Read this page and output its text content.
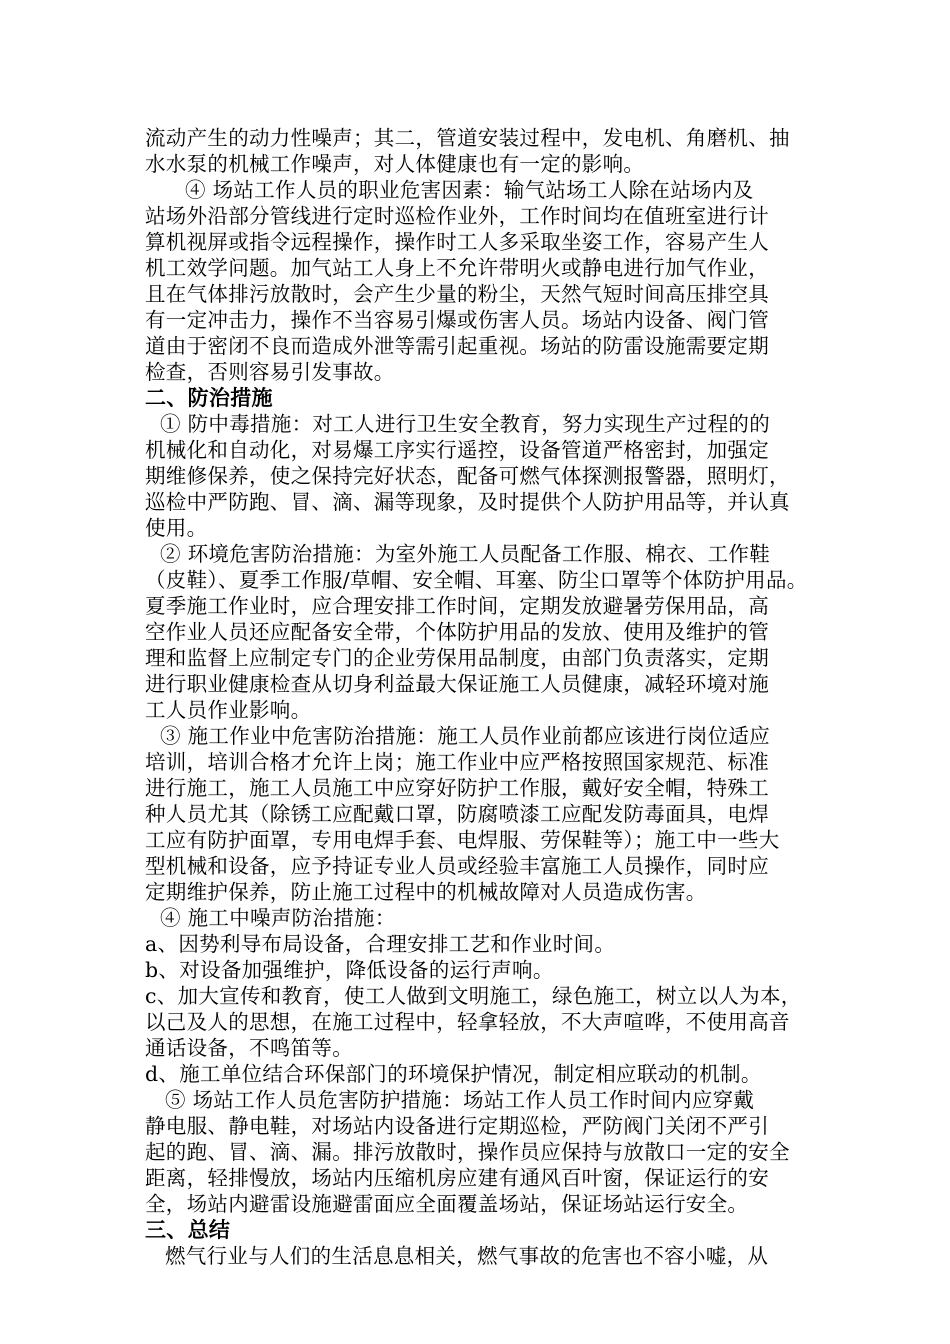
流动产生的动力性噪声；其二，管道安装过程中，发电机、角磨机、抽
水水泵的机械工作噪声，对人体健康也有一定的影响。
④ 场站工作人员的职业危害因素：输气站场工人除在站场内及
站场外沿部分管线进行定时巡检作业外，工作时间均在值班室进行计
算机视屏或指令远程操作，操作时工人多采取坐姿工作，容易产生人
机工效学问题。加气站工人身上不允许带明火或静电进行加气作业，
且在气体排污放散时，会产生少量的粉尘，天然气短时间高压排空具
有一定冲击力，操作不当容易引爆或伤害人员。场站内设备、阀门管
道由于密闭不良而造成外泄等需引起重视。场站的防雷设施需要定期
检查，否则容易引发事故。
二、防治措施
① 防中毒措施：对工人进行卫生安全教育，努力实现生产过程的的
机械化和自动化，对易爆工序实行遥控，设备管道严格密封，加强定
期维修保养，使之保持完好状态，配备可燃气体探测报警器，照明灯，
巡检中严防跑、冒、滴、漏等现象，及时提供个人防护用品等，并认真
使用。
② 环境危害防治措施：为室外施工人员配备工作服、棉衣、工作鞋
（皮鞋）、夏季工作服/草帽、安全帽、耳塞、防尘口罩等个体防护用品。
夏季施工作业时，应合理安排工作时间，定期发放避暑劳保用品，高
空作业人员还应配备安全带，个体防护用品的发放、使用及维护的管
理和监督上应制定专门的企业劳保用品制度，由部门负责落实，定期
进行职业健康检查从切身利益最大保证施工人员健康，减轻环境对施
工人员作业影响。
③ 施工作业中危害防治措施：施工人员作业前都应该进行岗位适应
培训，培训合格才允许上岗；施工作业中应严格按照国家规范、标准
进行施工，施工人员施工中应穿好防护工作服，戴好安全帽，特殊工
种人员尤其（除锈工应配戴口罩，防腐喷漆工应配发防毒面具，电焊
工应有防护面罩，专用电焊手套、电焊服、劳保鞋等）；施工中一些大
型机械和设备，应予持证专业人员或经验丰富施工人员操作，同时应
定期维护保养，防止施工过程中的机械故障对人员造成伤害。
④ 施工中噪声防治措施：
a、因势利导布局设备，合理安排工艺和作业时间。
b、对设备加强维护，降低设备的运行声响。
c、加大宣传和教育，使工人做到文明施工，绿色施工，树立以人为本，
以己及人的思想，在施工过程中，轻拿轻放，不大声喧哗，不使用高音
通话设备，不鸣笛等。
d、施工单位结合环保部门的环境保护情况，制定相应联动的机制。
⑤ 场站工作人员危害防护措施：场站工作人员工作时间内应穿戴
静电服、静电鞋，对场站内设备进行定期巡检，严防阀门关闭不严引
起的跑、冒、滴、漏。排污放散时，操作员应保持与放散口一定的安全
距离，轻排慢放，场站内压缩机房应建有通风百叶窗，保证运行的安
全，场站内避雷设施避雷面应全面覆盖场站，保证场站运行安全。
三、总结
燃气行业与人们的生活息息相关，燃气事故的危害也不容小嘘，从
